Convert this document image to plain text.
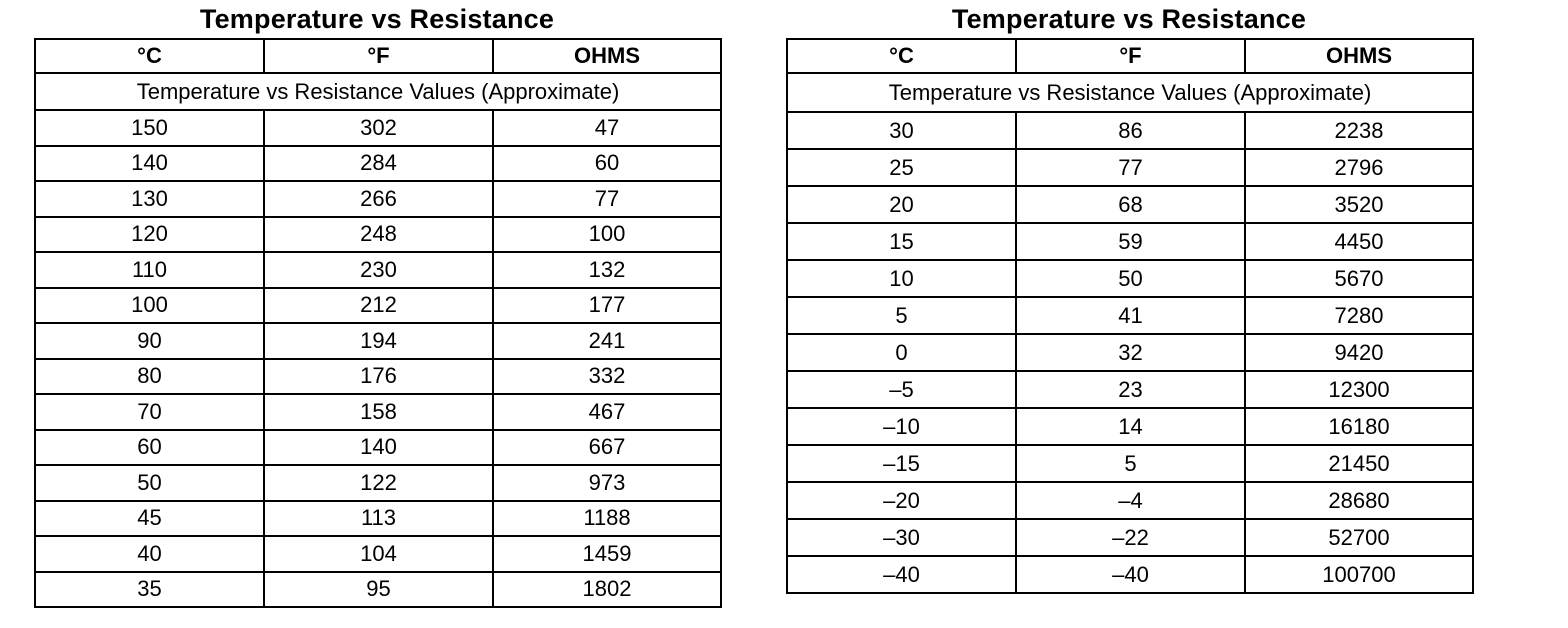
Temperature vs Resistance
°C	°F	OHMS
Temperature vs Resistance Values (Approximate)		
150	302	47
140	284	60
130	266	77
120	248	100
110	230	132
100	212	177
90	194	241
80	176	332
70	158	467
60	140	667
50	122	973
45	113	1188
40	104	1459
35	95	1802
Temperature vs Resistance
°C	°F	OHMS
Temperature vs Resistance Values (Approximate)		
30	86	2238
25	77	2796
20	68	3520
15	59	4450
10	50	5670
5	41	7280
0	32	9420
–5	23	12300
–10	14	16180
–15	5	21450
–20	–4	28680
–30	–22	52700
–40	–40	100700
